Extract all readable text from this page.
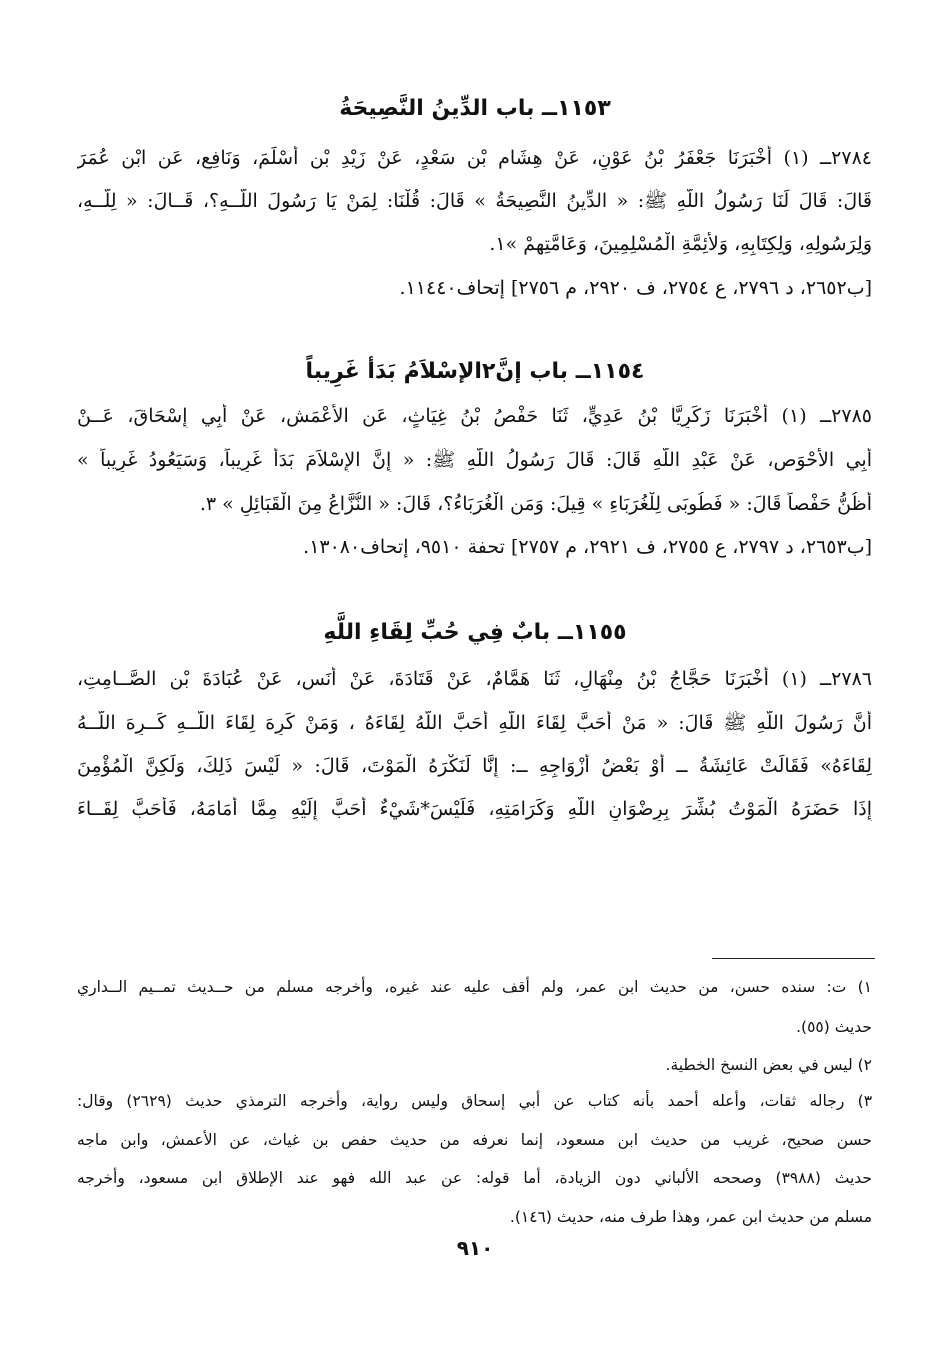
١١٥٣ــ باب الدِّينُ النَّصِيحَةُ
٢٧٨٤ــ (١) أَخْبَرَنَا جَعْفَرُ بْنُ عَوْنٍ، عَنْ هِشَامِ بْنِ سَعْدٍ، عَنْ زَيْدِ بْنِ أَسْلَمَ، وَنَافِعٍ، عَنِ ابْنِ عُمَرَ
قَالَ: قَالَ لَنَا رَسُولُ اللَّهِ ﷺ: « الدِّينُ النَّصِيحَةُ » قَالَ: قُلْنَا: لِمَنْ يَا رَسُولَ اللَّــهِ؟، قَــالَ: « لِلَّــهِ،
وَلِرَسُولِهِ، وَلِكِتَابِهِ، وَلأَئِمَّةِ الْمُسْلِمِينَ، وَعَامَّتِهِمْ »١.
[ب٢٦٥٢، د ٢٧٩٦، ع ٢٧٥٤، ف ٢٩٢٠، م ٢٧٥٦] إتحاف١١٤٤٠.
١١٥٤ــ باب إنَّ٢الإسْلاَمُ بَدَأ غَرِيباً
٢٧٨٥ــ (١) أَخْبَرَنَا زَكَرِيَّا بْنُ عَدِيٍّ، ثَنَا حَفْصُ بْنُ غِيَاثٍ، عَنِ الأَعْمَشِ، عَنْ أَبِي إِسْحَاقَ، عَــنْ
أَبِي الأَحْوَصِ، عَنْ عَبْدِ اللَّهِ قَالَ: قَالَ رَسُولُ اللَّهِ ﷺ: « إِنَّ الإِسْلاَمَ بَدَأَ غَرِيباً، وَسَيَعُودُ غَرِيباً »
أَظُنُّ حَفْصاً قَالَ: « فَطُوبَى لِلْغُرَبَاءِ » قِيلَ: وَمَنِ الْغُرَبَاءُ؟، قَالَ: « النُّزَّاعُ مِنَ الْقَبَائِلِ » ٣.
[ب٢٦٥٣، د ٢٧٩٧، ع ٢٧٥٥، ف ٢٩٢١، م ٢٧٥٧] تحفة ٩٥١٠، إتحاف١٣٠٨٠.
١١٥٥ــ بابٌ فِي حُبِّ لِقَاءِ اللَّهِ
٢٧٨٦ــ (١) أَخْبَرَنَا حَجَّاجُ بْنُ مِنْهَالٍ، ثَنَا هَمَّامٌ، عَنْ قَتَادَةَ، عَنْ أَنَسٍ، عَنْ عُبَادَةَ بْنِ الصَّــامِتِ،
أَنَّ رَسُولَ اللَّهِ ﷺ قَالَ: « مَنْ أَحَبَّ لِقَاءَ اللَّهِ أَحَبَّ اللَّهُ لِقَاءَهُ ، وَمَنْ كَرِهَ لِقَاءَ اللَّــهِ كَــرِهَ اللَّــهُ
لِقَاءَهُ» فَقَالَتْ عَائِشَةُ ــ أَوْ بَعْضُ أَزْوَاجِهِ ــ: إِنَّا لَنَكْرَهُ الْمَوْتَ، قَالَ: « لَيْسَ ذَلِكَ، وَلَكِنَّ الْمُؤْمِنَ
إِذَا حَضَرَهُ الْمَوْتُ بُشِّرَ بِرِضْوَانِ اللَّهِ وَكَرَامَتِهِ، فَلَيْسَ*شَيْءٌ أَحَبَّ إِلَيْهِ مِمَّا أَمَامَهُ، فَأَحَبَّ لِقَــاءَ
١) ت: سنده حسن، من حديث ابن عمر، ولم أقف عليه عند غيره، وأخرجه مسلم من حــديث تمــيم الــداري
حديث (٥٥).
٢) ليس في بعض النسخ الخطية.
٣) رجاله ثقات، وأعله أحمد بأنه كتاب عن أبي إسحاق وليس رواية، وأخرجه الترمذي حديث (٢٦٢٩) وقال:
حسن صحيح، غريب من حديث ابن مسعود، إنما نعرفه من حديث حفص بن غياث، عن الأعمش، وابن ماجه
حديث (٣٩٨٨) وصححه الألباني دون الزيادة، أما قوله: عن عبد الله فهو عند الإطلاق ابن مسعود، وأخرجه
مسلم من حديث ابن عمر، وهذا طرف منه، حديث (١٤٦).
٩١٠
